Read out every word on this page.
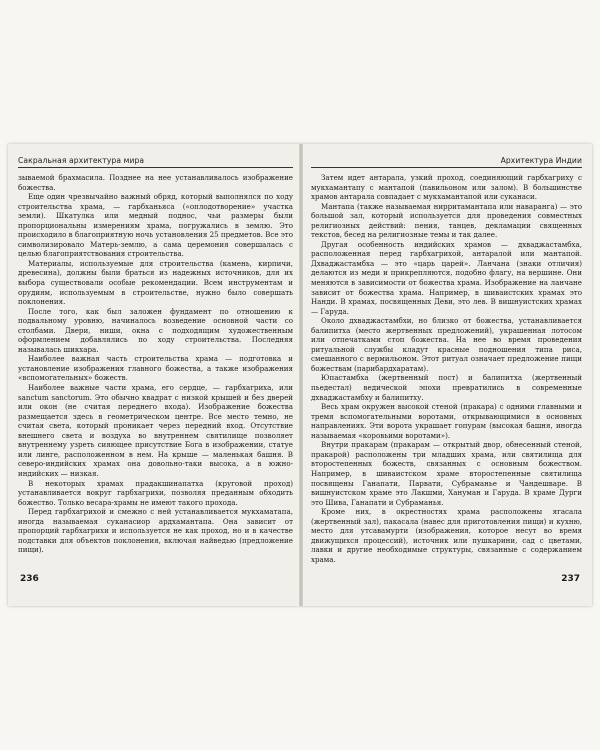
Сакральная архитектура мира

зываемой брахмасила. Позднее на нее устанавливалось изображение божества.

Еще один чрезвычайно важный обряд, который выполнялся по ходу строительства храма, — гарбханьяса («оплодотворение» участка земли). Шкатулка или медный поднос, чьи размеры были пропорциональны измерениям храма, погружались в землю. Это происходило в благоприятную ночь установления 25 предметов. Все это символизировало Матерь-землю, а сама церемония совершалась с целью благоприятствования строительства.

Материалы, используемые для строительства (камень, кирпичи, древесина), должны были браться из надежных источников, для их выбора существовали особые рекомендации. Всем инструментам и орудиям, используемым в строительстве, нужно было совершать поклонения.

После того, как был заложен фундамент по отношению к подвальному уровню, начиналось возведение основной части со столбами. Двери, ниши, окна с подходящим художественным оформлением добавлялись по ходу строительства. Последняя называлась шикхара.

Наиболее важная часть строительства храма — подготовка и установление изображения главного божества, а также изображения «вспомогательных» божеств.

Наиболее важные части храма, его сердце, — гарбхагриха, или sanctum sanctorum. Это обычно квадрат с низкой крышей и без дверей или окон (не считая переднего входа). Изображение божества размещается здесь в геометрическом центре. Все место темно, не считая света, который проникает через передний вход. Отсутствие внешнего света и воздуха во внутреннем святилище позволяет внутреннему узреть сияющее присутствие Бога в изображении, статуе или линге, расположенном в нем. На крыше — маленькая башня. В северо-индийских храмах она довольно-таки высока, а в южно-индийских — низкая.

В некоторых храмах прадакшинапатха (круговой проход) устанавливается вокруг гарбхагрихи, позволяя преданным обходить божество. Только весара-храмы не имеют такого прохода.

Перед гарбхагрихой и смежно с ней устанавливается мукхаматапа, иногда называемая суканасиор ардхамантапа. Она зависит от пропорций гарбхагрихи и используется не как проход, но и в качестве подставки для объектов поклонения, включая найведью (предложение пищи).

236
Архитектура Индии

Затем идет антарала, узкий проход, соединяющий гарбхагриху с мукхамантапу с мантапой (павильоном или залом). В большинстве храмов антарала совпадает с мукхамантапой или суканаси.

Мантапа (также называемая нирритамантапа или наваранга) — это большой зал, который используется для проведения совместных религиозных действий: пения, танцев, декламации священных текстов, бесед на религиозные темы и так далее.

Другая особенность индийских храмов — дхваджастамбха, расположенная перед гарбхагрихой, антаралой или мантапой. Дхваджастамбха — это «царь царей». Ланчана (знаки отличия) делаются из меди и прикрепляются, подобно флагу, на вершине. Они меняются в зависимости от божества храма. Изображение на ланчане зависит от божества храма. Например, в шиваистских храмах это Нанди. В храмах, посвященных Деви, это лев. В вишнуистских храмах — Гаруда.

Около дхваджастамбхи, но близко от божества, устанавливается балипитха (место жертвенных предложений), украшенная лотосом или отпечатками стоп божества. На нее во время проведения ритуальной службы кладут красные подношения типа риса, смешанного с вермильоном. Этот ритуал означает предложение пищи божествам (парибардхаратам).

Юпастамбха (жертвенный пост) и балипитха (жертвенный пьедестал) ведической эпохи превратились в современные дхваджастамбху и балипитху.

Весь храм окружен высокой стеной (пракара) с одними главными и тремя вспомогательными воротами, открывающимися в основных направлениях. Эти ворота украшает гопурам (высокая башня, иногда называемая «коровьими воротами»).

Внутри пракарам (пракарам — открытый двор, обнесенный стеной, пракарой) расположены три младших храма, или святилища для второстепенных божеств, связанных с основным божеством. Например, в шиваистском храме второстепенные святилища посвящены Ганапати, Парвати, Субраманье и Чандешваре. В вишнуистском храме это Лакшми, Хануман и Гаруда. В храме Дурги это Шива, Ганапати и Субраманья.

Кроме них, в окрестностях храма расположены ягасала (жертвенный зал), пакасала (навес для приготовления пищи) и кухню, место для утсавамурти (изображения, которое несут во время движущихся процессий), источник или пушкарини, сад с цветами, лавки и другие необходимые структуры, связанные с содержанием храма.

237
